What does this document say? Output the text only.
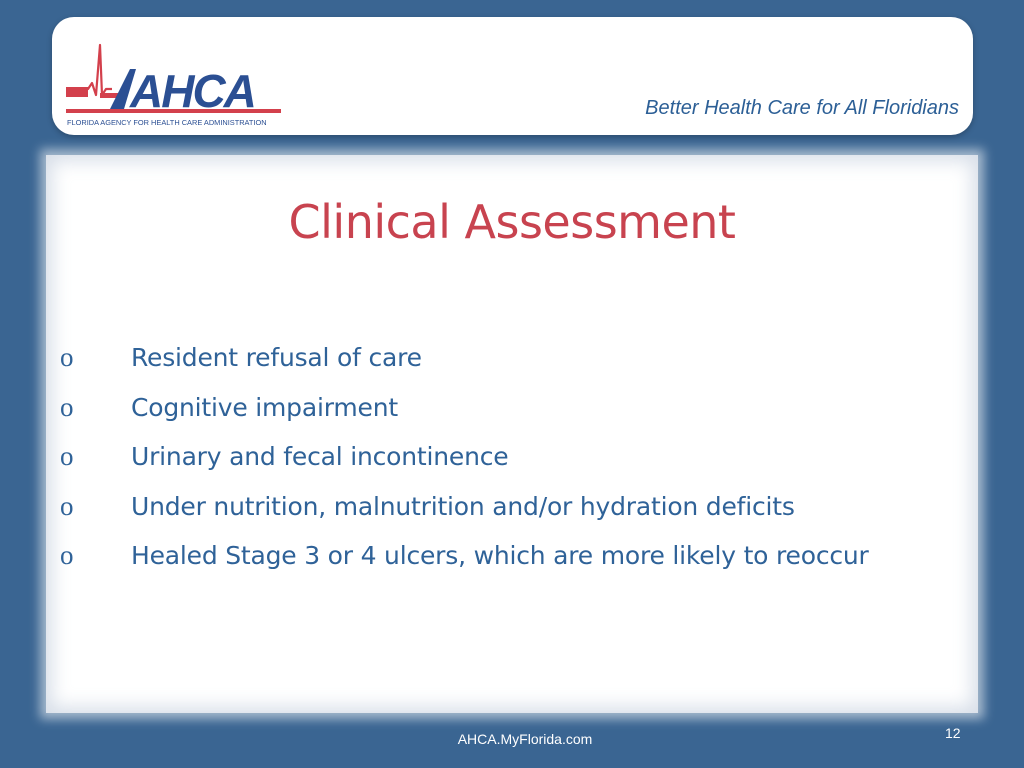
AHCA
FLORIDA AGENCY FOR HEALTH CARE ADMINISTRATION
Better Health Care for All Floridians
Clinical Assessment
o	Resident refusal of care
o	Cognitive impairment
o	Urinary and fecal incontinence
o	Under nutrition, malnutrition and/or hydration deficits
o	Healed Stage 3 or 4 ulcers, which are more likely to reoccur
AHCA.MyFlorida.com	12
